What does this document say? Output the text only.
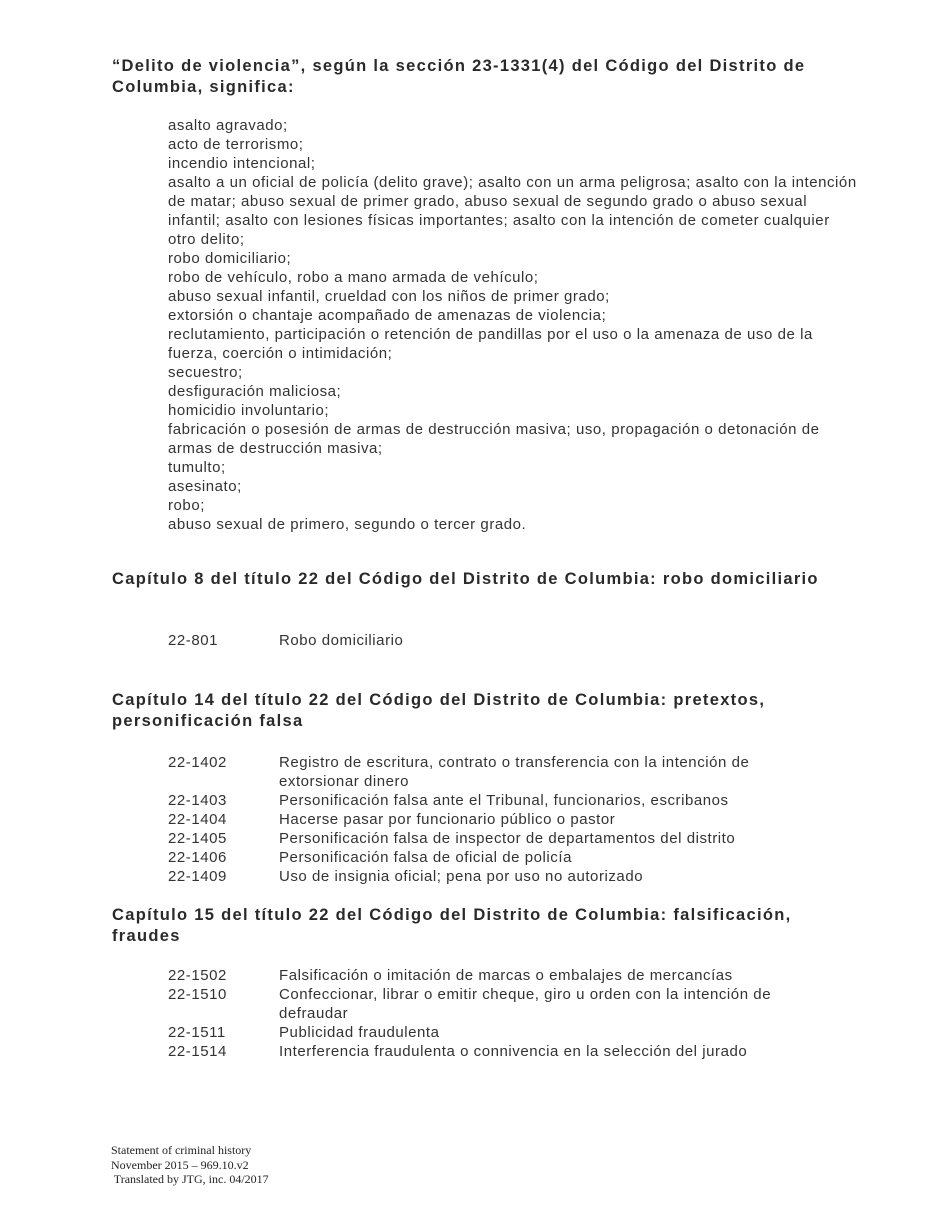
“Delito de violencia”, según la sección 23-1331(4) del Código del Distrito de Columbia, significa:
asalto agravado;
acto de terrorismo;
incendio intencional;
asalto a un oficial de policía (delito grave); asalto con un arma peligrosa; asalto con la intención de matar; abuso sexual de primer grado, abuso sexual de segundo grado o abuso sexual infantil; asalto con lesiones físicas importantes; asalto con la intención de cometer cualquier otro delito;
robo domiciliario;
robo de vehículo, robo a mano armada de vehículo;
abuso sexual infantil, crueldad con los niños de primer grado;
extorsión o chantaje acompañado de amenazas de violencia;
reclutamiento, participación o retención de pandillas por el uso o la amenaza de uso de la fuerza, coerción o intimidación;
secuestro;
desfiguración maliciosa;
homicidio involuntario;
fabricación o posesión de armas de destrucción masiva; uso, propagación o detonación de armas de destrucción masiva;
tumulto;
asesinato;
robo;
abuso sexual de primero, segundo o tercer grado.
Capítulo 8 del título 22 del Código del Distrito de Columbia: robo domiciliario
22-801	Robo domiciliario
Capítulo 14 del título 22 del Código del Distrito de Columbia: pretextos, personificación falsa
22-1402	Registro de escritura, contrato o transferencia con la intención de extorsionar dinero
22-1403	Personificación falsa ante el Tribunal, funcionarios, escribanos
22-1404	Hacerse pasar por funcionario público o pastor
22-1405	Personificación falsa de inspector de departamentos del distrito
22-1406	Personificación falsa de oficial de policía
22-1409	Uso de insignia oficial; pena por uso no autorizado
Capítulo 15 del título 22 del Código del Distrito de Columbia: falsificación, fraudes
22-1502	Falsificación o imitación de marcas o embalajes de mercancías
22-1510	Confeccionar, librar o emitir cheque, giro u orden con la intención de defraudar
22-1511	Publicidad fraudulenta
22-1514	Interferencia fraudulenta o connivencia en la selección del jurado
Statement of criminal history
November 2015 – 969.10.v2
Translated by JTG, inc. 04/2017
